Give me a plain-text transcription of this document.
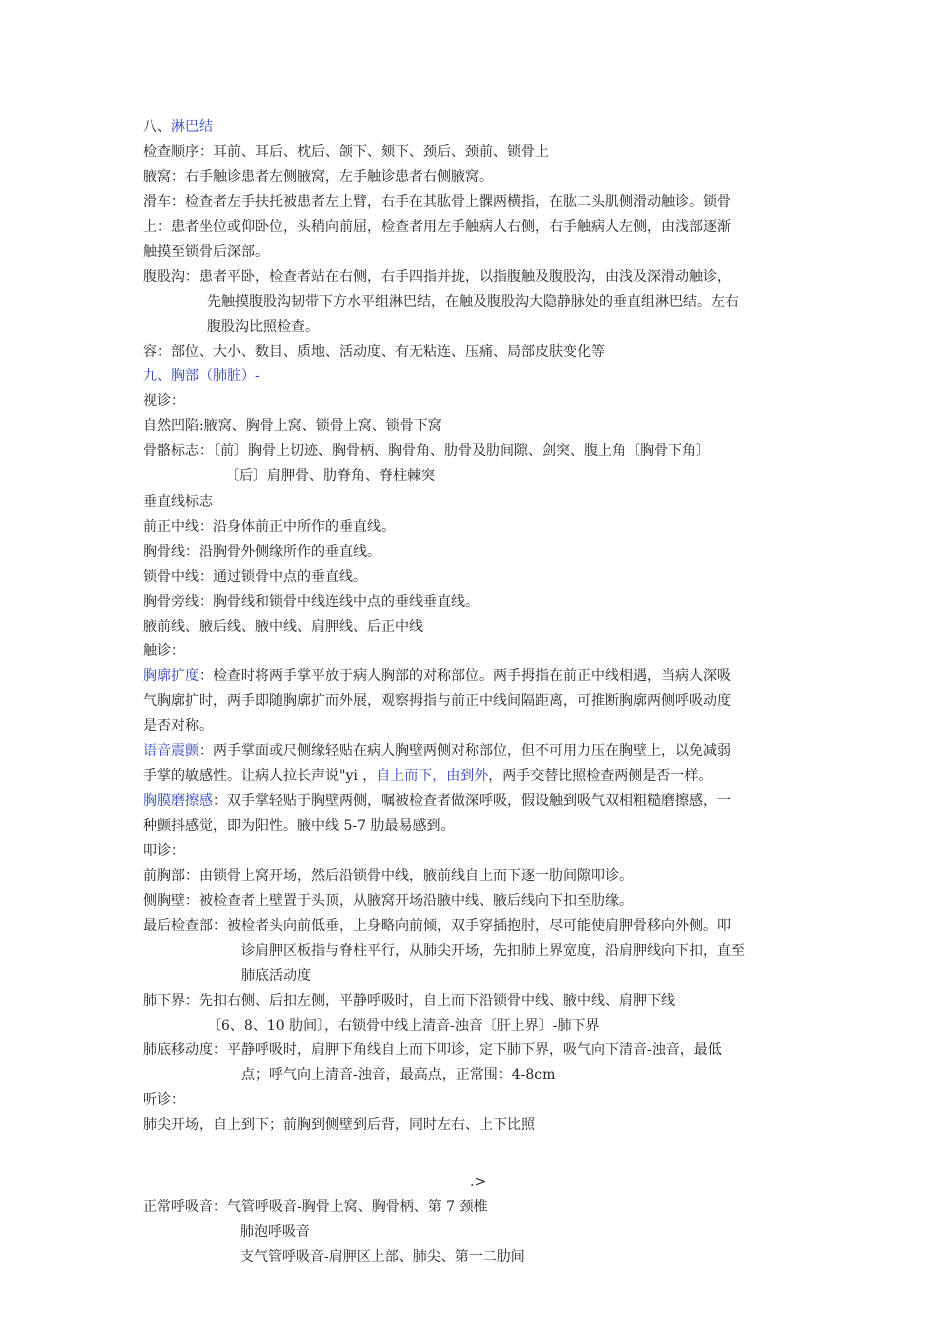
八、淋巴结
检查顺序：耳前、耳后、枕后、颌下、颏下、颈后、颈前、锁骨上
腋窝：右手触诊患者左侧腋窝，左手触诊患者右侧腋窝。
滑车：检查者左手扶托被患者左上臂，右手在其肱骨上髁两横指，在肱二头肌侧滑动触诊。锁骨
上：患者坐位或仰卧位，头稍向前屈，检查者用左手触病人右侧，右手触病人左侧，由浅部逐渐
触摸至锁骨后深部。
腹股沟：患者平卧，检查者站在右侧，右手四指并拢，以指腹触及腹股沟，由浅及深滑动触诊，
先触摸腹股沟韧带下方水平组淋巴结，在触及腹股沟大隐静脉处的垂直组淋巴结。左右
腹股沟比照检查。
容：部位、大小、数目、质地、活动度、有无粘连、压痛、局部皮肤变化等
九、胸部（肺脏）-
视诊：
自然凹陷:腋窝、胸骨上窝、锁骨上窝、锁骨下窝
骨骼标志：〔前〕胸骨上切迹、胸骨柄、胸骨角、肋骨及肋间隙、剑突、腹上角〔胸骨下角〕
〔后〕肩胛骨、肋脊角、脊柱棘突
垂直线标志
前正中线：沿身体前正中所作的垂直线。
胸骨线：沿胸骨外侧缘所作的垂直线。
锁骨中线：通过锁骨中点的垂直线。
胸骨旁线：胸骨线和锁骨中线连线中点的垂线垂直线。
腋前线、腋后线、腋中线、肩胛线、后正中线
触诊：
胸廓扩度：检查时将两手掌平放于病人胸部的对称部位。两手拇指在前正中线相遇，当病人深吸
气胸廓扩时，两手即随胸廓扩而外展，观察拇指与前正中线间隔距离，可推断胸廓两侧呼吸动度
是否对称。
语音震颤：两手掌面或尺侧缘轻贴在病人胸壁两侧对称部位，但不可用力压在胸壁上，以免减弱
手掌的敏感性。让病人拉长声说"yi ，自上而下，由到外，两手交替比照检查两侧是否一样。
胸膜磨擦感：双手掌轻贴于胸壁两侧，嘱被检查者做深呼吸，假设触到吸气双相粗糙磨擦感，一
种颤抖感觉，即为阳性。腋中线 5-7 肋最易感到。
叩诊：
前胸部：由锁骨上窝开场，然后沿锁骨中线，腋前线自上而下逐一肋间隙叩诊。
侧胸壁：被检查者上壁置于头顶，从腋窝开场沿腋中线、腋后线向下扣至肋缘。
最后检查部：被检者头向前低垂，上身略向前倾，双手穿插抱肘，尽可能使肩胛骨移向外侧。叩
诊肩胛区板指与脊柱平行，从肺尖开场，先扣肺上界宽度，沿肩胛线向下扣，直至
肺底活动度
肺下界：先扣右侧、后扣左侧，平静呼吸时，自上而下沿锁骨中线、腋中线、肩胛下线
〔6、8、10 肋间〕，右锁骨中线上清音-浊音〔肝上界〕-肺下界
肺底移动度：平静呼吸时，肩胛下角线自上而下叩诊，定下肺下界，吸气向下清音-浊音，最低
点；呼气向上清音-浊音，最高点，正常围：4-8cm
听诊：
肺尖开场，自上到下；前胸到侧壁到后背，同时左右、上下比照
.>
正常呼吸音：气管呼吸音-胸骨上窝、胸骨柄、第 7 颈椎
肺泡呼吸音
支气管呼吸音-肩胛区上部、肺尖、第一二肋间
